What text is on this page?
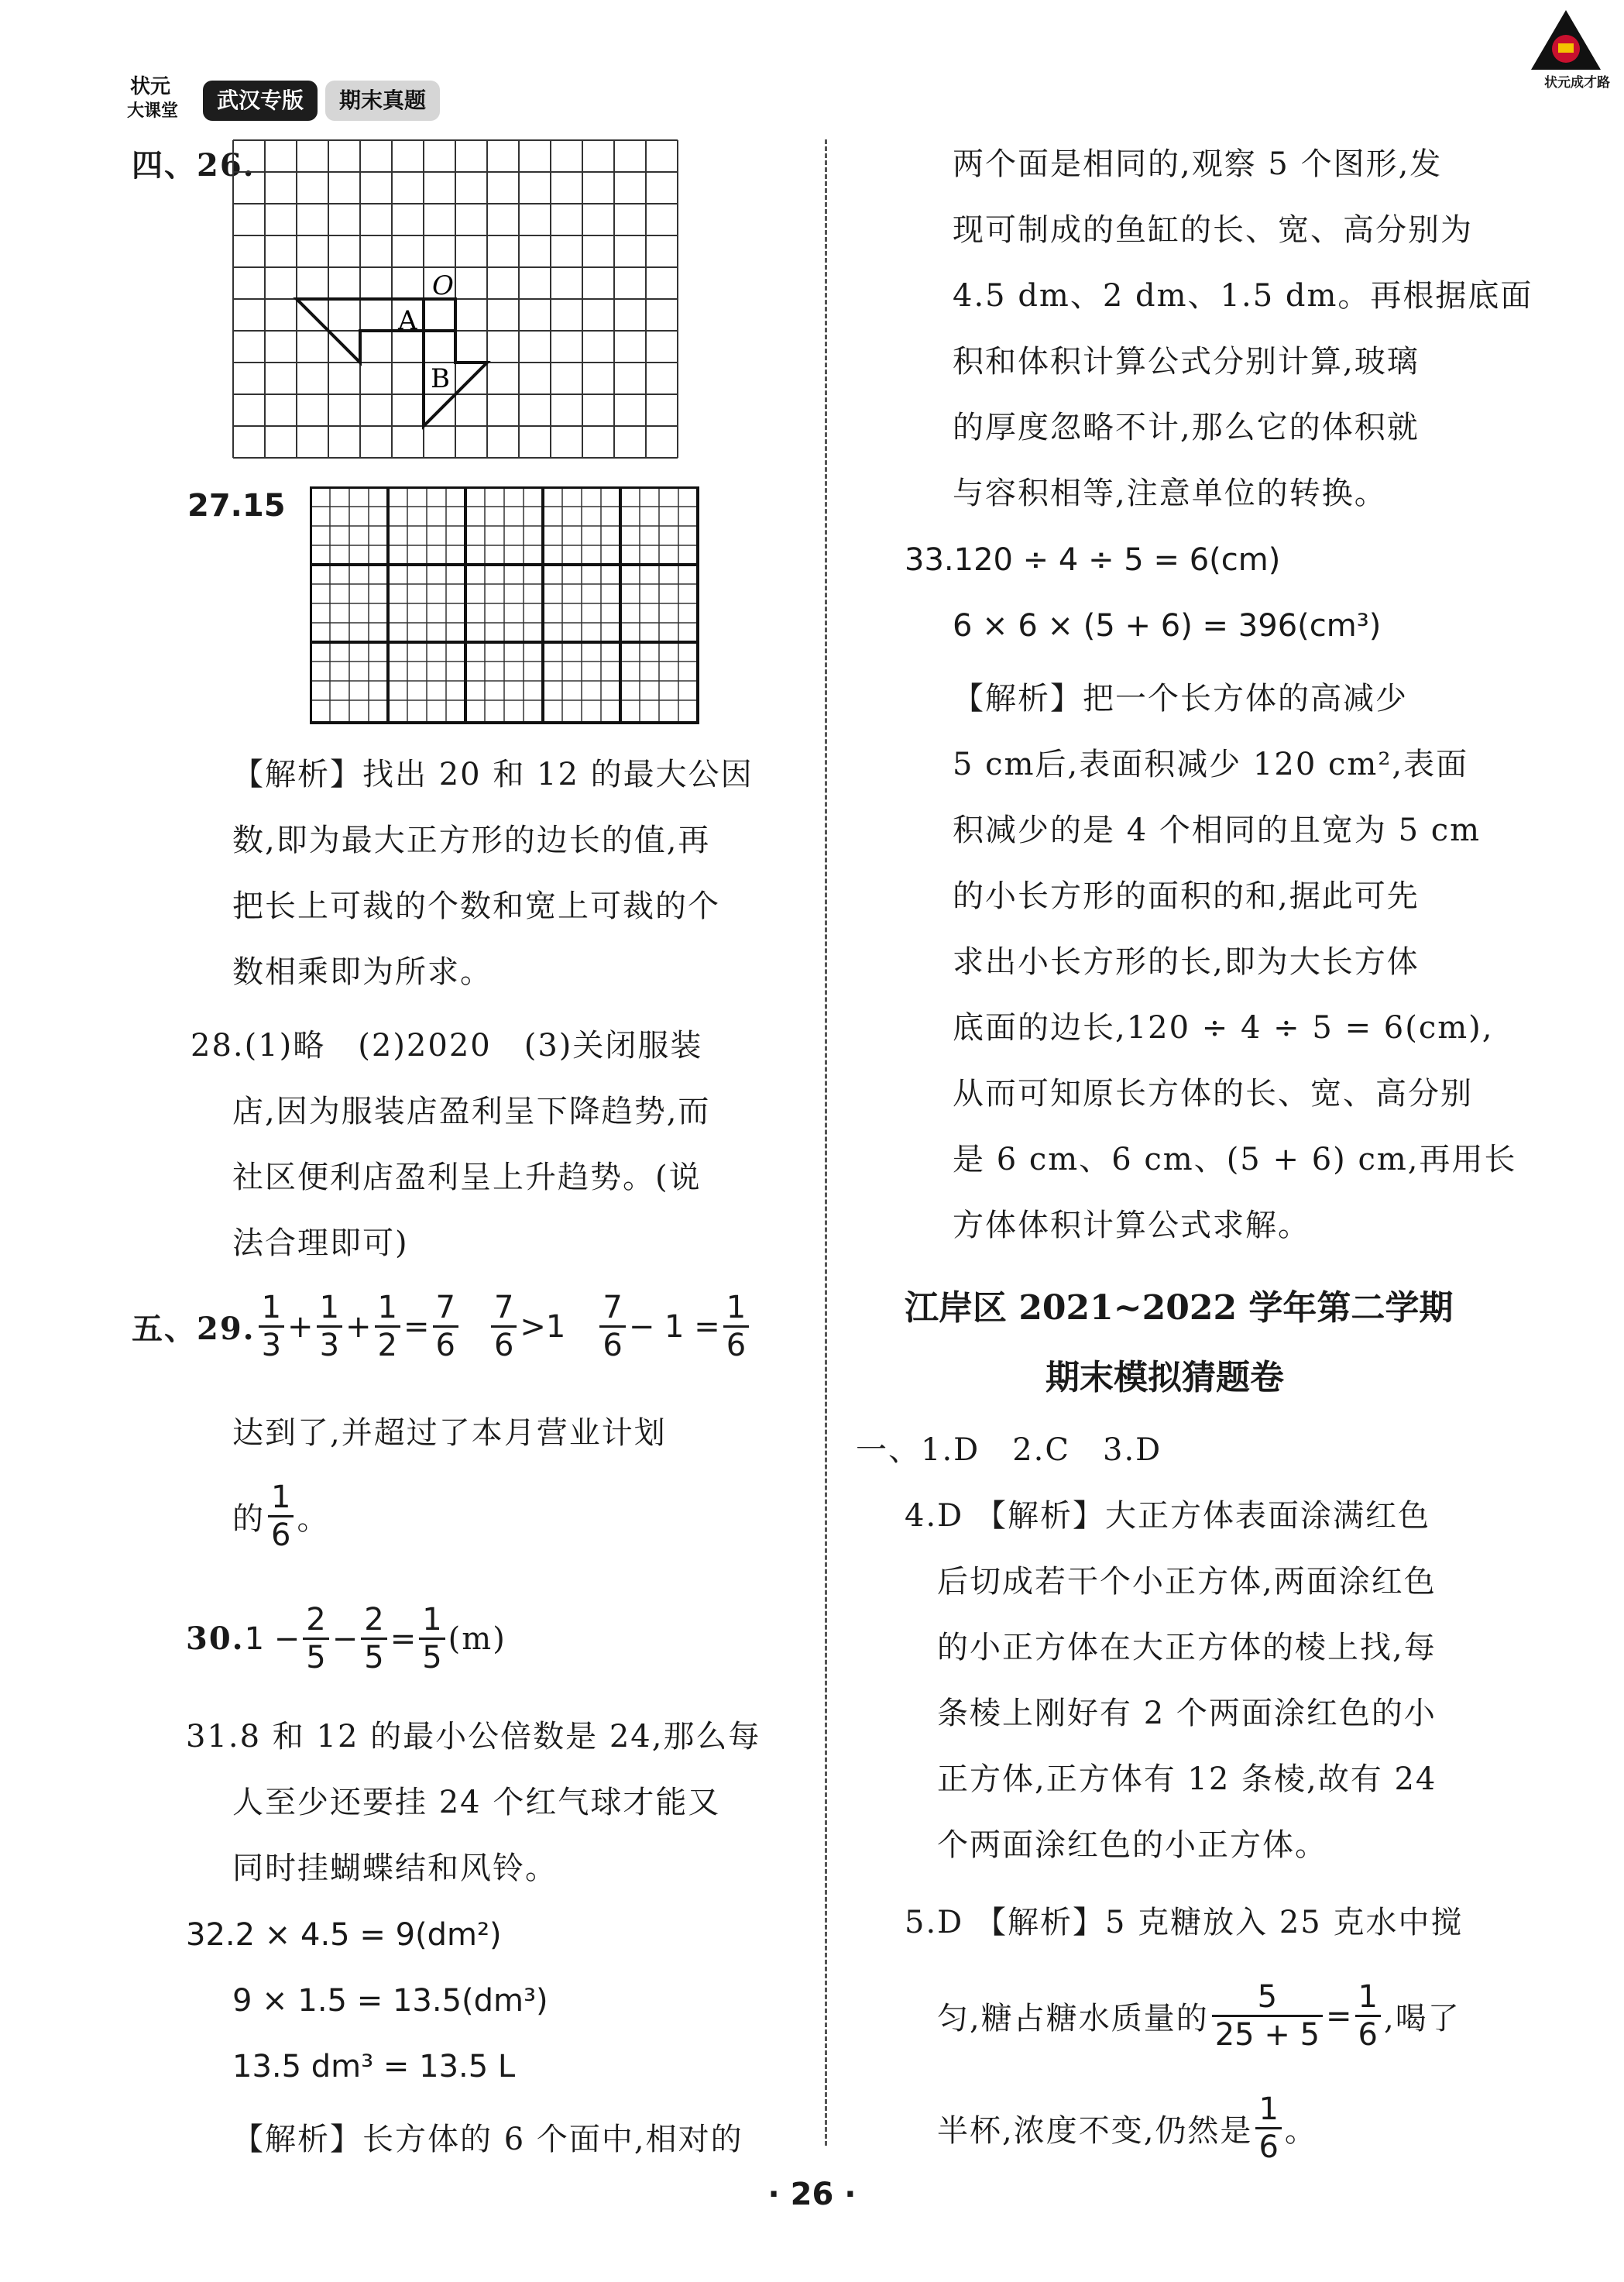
状元
大课堂	武汉专版	期末真题
状元成才路
四、26.
A
O
B
27.15
【解析】找出 20 和 12 的最大公因
数,即为最大正方形的边长的值,再
把长上可裁的个数和宽上可裁的个
数相乘即为所求。
28.(1)略　(2)2020　(3)关闭服装
店,因为服装店盈利呈下降趋势,而
社区便利店盈利呈上升趋势。(说
法合理即可)
五、29. $\frac{1}{3} + \frac{1}{3} + \frac{1}{2} = \frac{7}{6} \frac{7}{6} >1 \frac{7}{6} - 1 = \frac{1}{6}$
达到了,并超过了本月营业计划
的 $\frac{1}{6}$ 。
30. $1 - \frac{2}{5} - \frac{2}{5} = \frac{1}{5} (m)$
31.8 和 12 的最小公倍数是 24,那么每
人至少还要挂 24 个红气球才能又
同时挂蝴蝶结和风铃。
32.2 × 4.5 = 9(dm²)
9 × 1.5 = 13.5(dm³)
13.5 dm³ = 13.5 L
【解析】长方体的 6 个面中,相对的
两个面是相同的,观察 5 个图形,发
现可制成的鱼缸的长、宽、高分别为
4.5 dm、2 dm、1.5 dm。再根据底面
积和体积计算公式分别计算,玻璃
的厚度忽略不计,那么它的体积就
与容积相等,注意单位的转换。
33.120 ÷ 4 ÷ 5 = 6(cm)
6 × 6 × (5 + 6) = 396(cm³)
【解析】把一个长方体的高减少
5 cm后,表面积减少 120 cm²,表面
积减少的是 4 个相同的且宽为 5 cm
的小长方形的面积的和,据此可先
求出小长方形的长,即为大长方体
底面的边长,120 ÷ 4 ÷ 5 = 6(cm),
从而可知原长方体的长、宽、高分别
是 6 cm、6 cm、(5 + 6) cm,再用长
方体体积计算公式求解。
江岸区 2021~2022 学年第二学期
期末模拟猜题卷
一、1.D　2.C　3.D
4.D 【解析】大正方体表面涂满红色
后切成若干个小正方体,两面涂红色
的小正方体在大正方体的棱上找,每
条棱上刚好有 2 个两面涂红色的小
正方体,正方体有 12 条棱,故有 24
个两面涂红色的小正方体。
5.D 【解析】5 克糖放入 25 克水中搅
匀,糖占糖水质量的 $\frac{5}{25 + 5} = \frac{1}{6}$ ,喝了
半杯,浓度不变,仍然是 $\frac{1}{6}$ 。
· 26 ·
